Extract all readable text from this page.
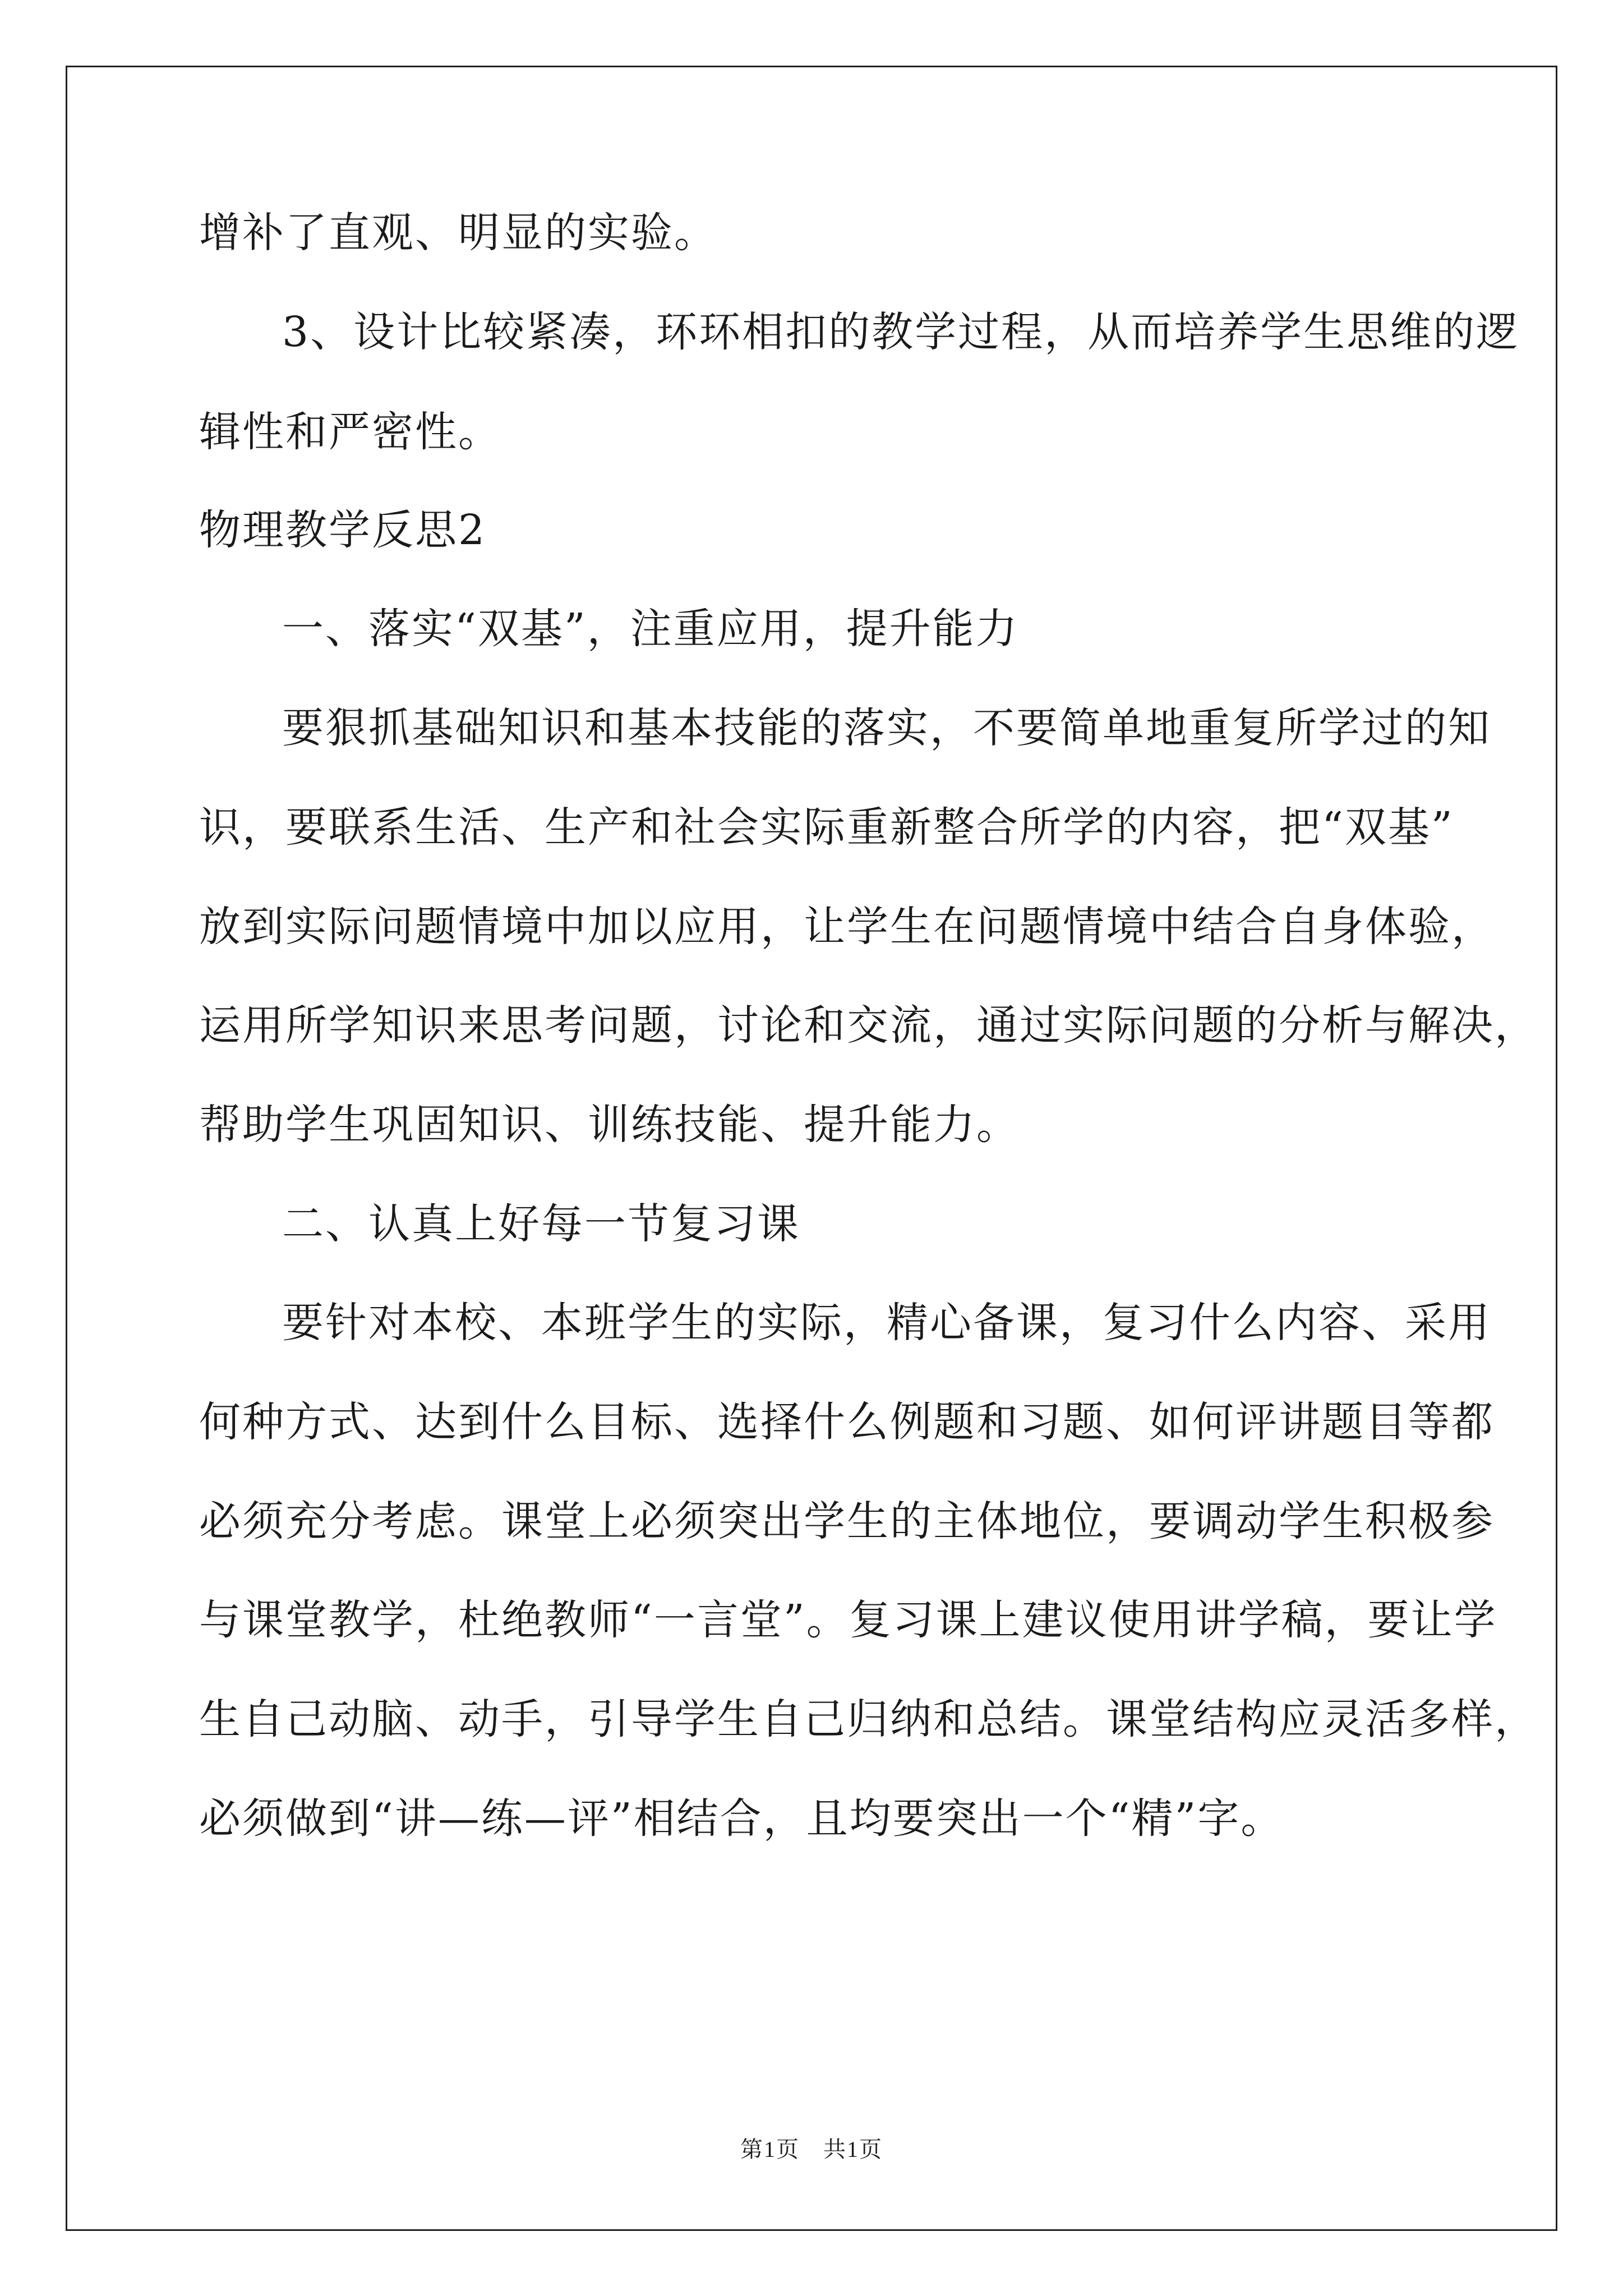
增补了直观、明显的实验。
3、设计比较紧凑，环环相扣的教学过程，从而培养学生思维的逻
辑性和严密性。
物理教学反思2
一、落实“双基”，注重应用，提升能力
要狠抓基础知识和基本技能的落实，不要简单地重复所学过的知
识，要联系生活、生产和社会实际重新整合所学的内容，把“双基”
放到实际问题情境中加以应用，让学生在问题情境中结合自身体验，
运用所学知识来思考问题，讨论和交流，通过实际问题的分析与解决，
帮助学生巩固知识、训练技能、提升能力。
二、认真上好每一节复习课
要针对本校、本班学生的实际，精心备课，复习什么内容、采用
何种方式、达到什么目标、选择什么例题和习题、如何评讲题目等都
必须充分考虑。课堂上必须突出学生的主体地位，要调动学生积极参
与课堂教学，杜绝教师“一言堂”。复习课上建议使用讲学稿，要让学
生自己动脑、动手，引导学生自己归纳和总结。课堂结构应灵活多样，
必须做到“讲—练—评”相结合，且均要突出一个“精”字。
第1页　共1页
